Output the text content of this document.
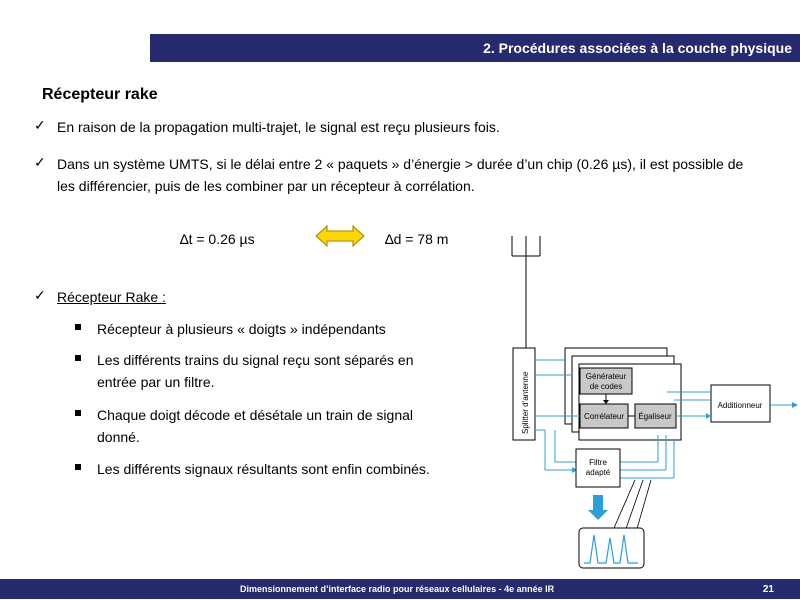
2. Procédures associées à la couche physique
Récepteur rake
✓ En raison de la propagation multi-trajet, le signal est reçu plusieurs fois.
✓ Dans un système UMTS, si le délai entre 2 « paquets » d’énergie > durée d’un chip (0.26 µs), il est possible de
les différencier, puis de les combiner par un récepteur à corrélation.
∆t = 0.26 µs	∆d = 78 m
✓ Récepteur Rake :
Récepteur à plusieurs « doigts » indépendants
Les différents trains du signal reçu sont séparés en
entrée par un filtre.
Chaque doigt décode et désétale un train de signal
donné.
Les différents signaux résultants sont enfin combinés.
Splitter d’antenne	Générateur
de codes
Corrélateur Égaliseur
Additionneur
Filtre
adapté
Dimensionnement d’interface radio pour réseaux cellulaires - 4e année IR	21
